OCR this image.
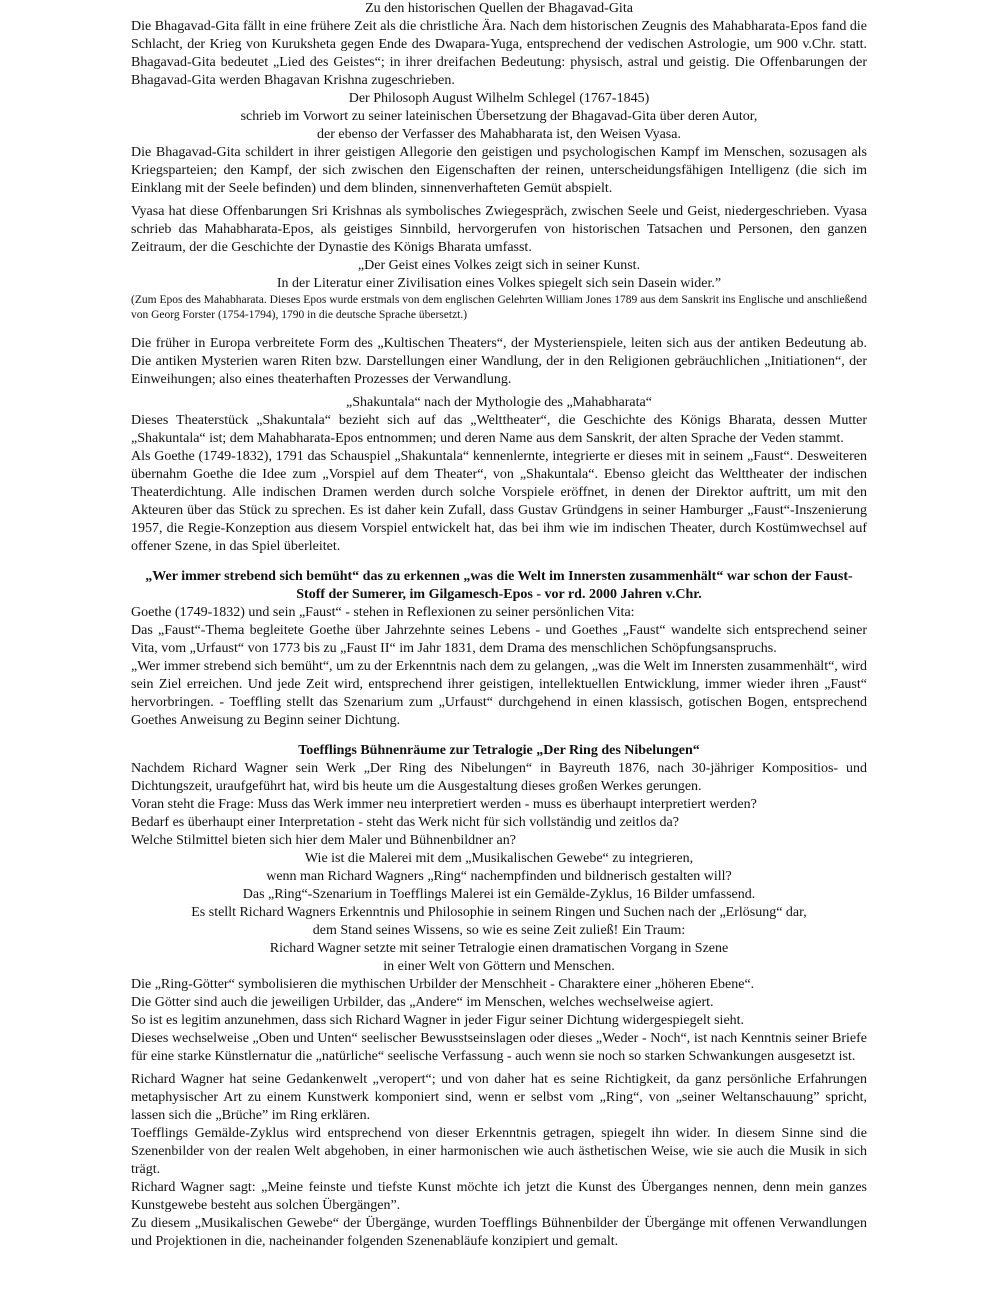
Zu den historischen Quellen der Bhagavad-Gita

Die Bhagavad-Gita fällt in eine frühere Zeit als die christliche Ära. Nach dem historischen Zeugnis des Mahabharata-Epos fand die Schlacht, der Krieg von Kuruksheta gegen Ende des Dwapara-Yuga, entsprechend der vedischen Astrologie, um 900 v.Chr. statt. Bhagavad-Gita bedeutet „Lied des Geistes“; in ihrer dreifachen Bedeutung: physisch, astral und geistig. Die Offenbarungen der Bhagavad-Gita werden Bhagavan Krishna zugeschrieben.

Der Philosoph August Wilhelm Schlegel (1767-1845)

schrieb im Vorwort zu seiner lateinischen Übersetzung der Bhagavad-Gita über deren Autor,

der ebenso der Verfasser des Mahabharata ist, den Weisen Vyasa.

Die Bhagavad-Gita schildert in ihrer geistigen Allegorie den geistigen und psychologischen Kampf im Menschen, sozusagen als Kriegsparteien; den Kampf, der sich zwischen den Eigenschaften der reinen, unterscheidungsfähigen Intelligenz (die sich im Einklang mit der Seele befinden) und dem blinden, sinnenverhafteten Gemüt abspielt.

Vyasa hat diese Offenbarungen Sri Krishnas als symbolisches Zwiegespräch, zwischen Seele und Geist, niedergeschrieben. Vyasa schrieb das Mahabharata-Epos, als geistiges Sinnbild, hervorgerufen von historischen Tatsachen und Personen, den ganzen Zeitraum, der die Geschichte der Dynastie des Königs Bharata umfasst.

„Der Geist eines Volkes zeigt sich in seiner Kunst.

In der Literatur einer Zivilisation eines Volkes spiegelt sich sein Dasein wider.”

(Zum Epos des Mahabharata. Dieses Epos wurde erstmals von dem englischen Gelehrten William Jones 1789 aus dem Sanskrit ins Englische und anschließend von Georg Forster (1754-1794), 1790 in die deutsche Sprache übersetzt.)

Die früher in Europa verbreitete Form des „Kultischen Theaters“, der Mysterienspiele, leiten sich aus der antiken Bedeutung ab. Die antiken Mysterien waren Riten bzw. Darstellungen einer Wandlung, der in den Religionen gebräuchlichen „Initiationen“, der Einweihungen; also eines theaterhaften Prozesses der Verwandlung.

„Shakuntala“ nach der Mythologie des „Mahabharata“

Dieses Theaterstück „Shakuntala“ bezieht sich auf das „Welttheater“, die Geschichte des Königs Bharata, dessen Mutter „Shakuntala“ ist; dem Mahabharata-Epos entnommen; und deren Name aus dem Sanskrit, der alten Sprache der Veden stammt.

Als Goethe (1749-1832), 1791 das Schauspiel „Shakuntala“ kennenlernte, integrierte er dieses mit in seinem „Faust“. Desweiteren übernahm Goethe die Idee zum „Vorspiel auf dem Theater“, von „Shakuntala“. Ebenso gleicht das Welttheater der indischen Theaterdichtung. Alle indischen Dramen werden durch solche Vorspiele eröffnet, in denen der Direktor auftritt, um mit den Akteuren über das Stück zu sprechen. Es ist daher kein Zufall, dass Gustav Gründgens in seiner Hamburger „Faust“-Inszenierung 1957, die Regie-Konzeption aus diesem Vorspiel entwickelt hat, das bei ihm wie im indischen Theater, durch Kostümwechsel auf offener Szene, in das Spiel überleitet.

„Wer immer strebend sich bemüht“ das zu erkennen „was die Welt im Innersten zusammenhält“ war schon der Faust-Stoff der Sumerer, im Gilgamesch-Epos - vor rd. 2000 Jahren v.Chr.

Goethe (1749-1832) und sein „Faust“ - stehen in Reflexionen zu seiner persönlichen Vita:

Das „Faust“-Thema begleitete Goethe über Jahrzehnte seines Lebens - und Goethes „Faust“ wandelte sich entsprechend seiner Vita, vom „Urfaust“ von 1773 bis zu „Faust II“ im Jahr 1831, dem Drama des menschlichen Schöpfungsanspruchs.

„Wer immer strebend sich bemüht“, um zu der Erkenntnis nach dem zu gelangen, „was die Welt im Innersten zusammenhält“, wird sein Ziel erreichen. Und jede Zeit wird, entsprechend ihrer geistigen, intellektuellen Entwicklung, immer wieder ihren „Faust“ hervorbringen. - Toeffling stellt das Szenarium zum „Urfaust“ durchgehend in einen klassisch, gotischen Bogen, entsprechend Goethes Anweisung zu Beginn seiner Dichtung.

Toefflings Bühnenräume zur Tetralogie „Der Ring des Nibelungen“

Nachdem Richard Wagner sein Werk „Der Ring des Nibelungen“ in Bayreuth 1876, nach 30-jähriger Kompositios- und Dichtungszeit, uraufgeführt hat, wird bis heute um die Ausgestaltung dieses großen Werkes gerungen.

Voran steht die Frage: Muss das Werk immer neu interpretiert werden - muss es überhaupt interpretiert werden?

Bedarf es überhaupt einer Interpretation - steht das Werk nicht für sich vollständig und zeitlos da?

Welche Stilmittel bieten sich hier dem Maler und Bühnenbildner an?

Wie ist die Malerei mit dem „Musikalischen Gewebe“ zu integrieren,

wenn man Richard Wagners „Ring“ nachempfinden und bildnerisch gestalten will?

Das „Ring“-Szenarium in Toefflings Malerei ist ein Gemälde-Zyklus, 16 Bilder umfassend.

Es stellt Richard Wagners Erkenntnis und Philosophie in seinem Ringen und Suchen nach der „Erlösung“ dar,

dem Stand seines Wissens, so wie es seine Zeit zuließ! Ein Traum:

Richard Wagner setzte mit seiner Tetralogie einen dramatischen Vorgang in Szene

in einer Welt von Göttern und Menschen.

Die „Ring-Götter“ symbolisieren die mythischen Urbilder der Menschheit - Charaktere einer „höheren Ebene“.

Die Götter sind auch die jeweiligen Urbilder, das „Andere“ im Menschen, welches wechselweise agiert.

So ist es legitim anzunehmen, dass sich Richard Wagner in jeder Figur seiner Dichtung widergespiegelt sieht.

Dieses wechselweise „Oben und Unten“ seelischer Bewusstseinslagen oder dieses „Weder - Noch“, ist nach Kenntnis seiner Briefe für eine starke Künstlernatur die „natürliche“ seelische Verfassung - auch wenn sie noch so starken Schwankungen ausgesetzt ist.

Richard Wagner hat seine Gedankenwelt „veropert“; und von daher hat es seine Richtigkeit, da ganz persönliche Erfahrungen metaphysischer Art zu einem Kunstwerk komponiert sind, wenn er selbst vom „Ring“, von „seiner Weltanschauung” spricht, lassen sich die „Brüche” im Ring erklären.

Toefflings Gemälde-Zyklus wird entsprechend von dieser Erkenntnis getragen, spiegelt ihn wider. In diesem Sinne sind die Szenenbilder von der realen Welt abgehoben, in einer harmonischen wie auch ästhetischen Weise, wie sie auch die Musik in sich trägt.

Richard Wagner sagt: „Meine feinste und tiefste Kunst möchte ich jetzt die Kunst des Überganges nennen, denn mein ganzes Kunstgewebe besteht aus solchen Übergängen”.

Zu diesem „Musikalischen Gewebe“ der Übergänge, wurden Toefflings Bühnenbilder der Übergänge mit offenen Verwandlungen und Projektionen in die, nacheinander folgenden Szenenabläufe konzipiert und gemalt.
